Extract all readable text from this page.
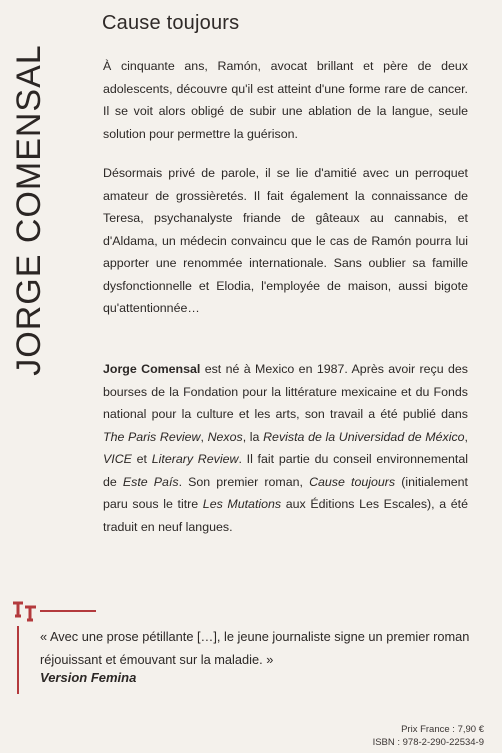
JORGE COMENSAL
Cause toujours

À cinquante ans, Ramón, avocat brillant et père de deux adolescents, découvre qu'il est atteint d'une forme rare de cancer. Il se voit alors obligé de subir une ablation de la langue, seule solution pour permettre la guérison.

Désormais privé de parole, il se lie d'amitié avec un perroquet amateur de grossièretés. Il fait également la connaissance de Teresa, psychanalyste friande de gâteaux au cannabis, et d'Aldama, un médecin convaincu que le cas de Ramón pourra lui apporter une renommée internationale. Sans oublier sa famille dysfonctionnelle et Elodia, l'employée de maison, aussi bigote qu'attentionnée…

Jorge Comensal est né à Mexico en 1987. Après avoir reçu des bourses de la Fondation pour la littérature mexicaine et du Fonds national pour la culture et les arts, son travail a été publié dans The Paris Review, Nexos, la Revista de la Universidad de México, VICE et Literary Review. Il fait partie du conseil environnemental de Este País. Son premier roman, Cause toujours (initialement paru sous le titre Les Mutations aux Éditions Les Escales), a été traduit en neuf langues.

« Avec une prose pétillante […], le jeune journaliste signe un premier roman réjouissant et émouvant sur la maladie. »

Version Femina
Prix France : 7,90 €
ISBN : 978-2-290-22534-9
